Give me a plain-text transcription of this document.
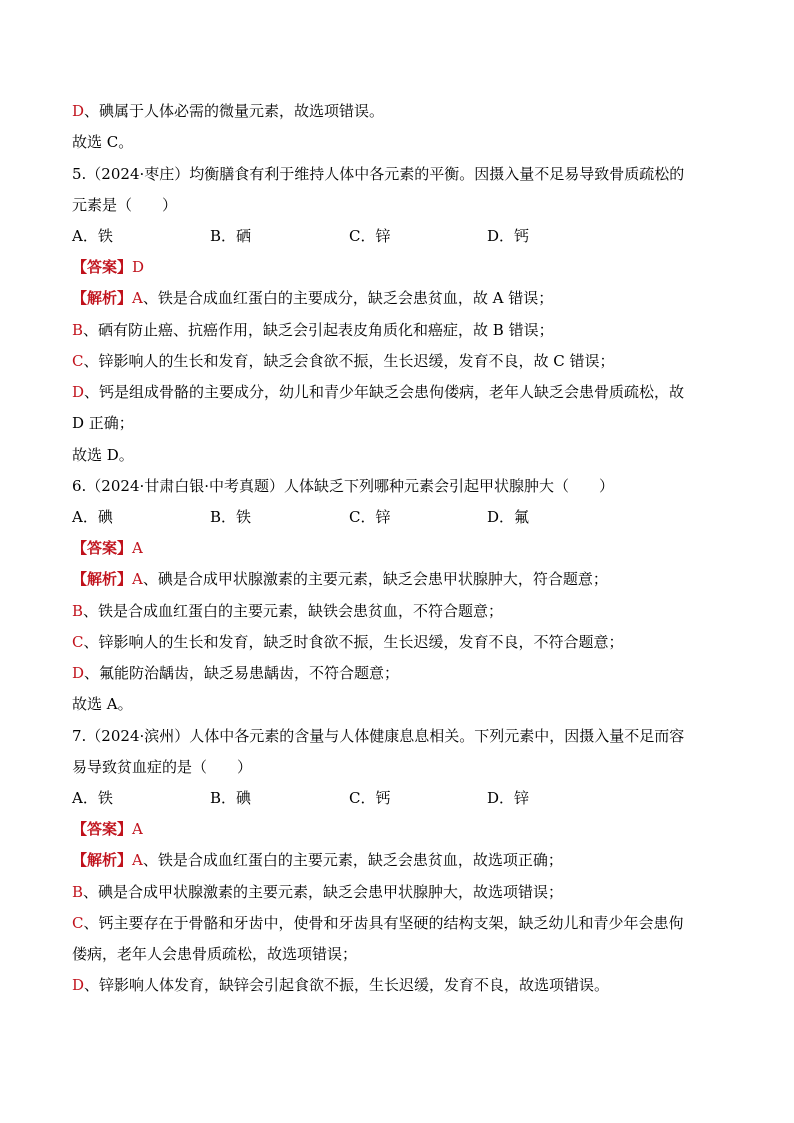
D、碘属于人体必需的微量元素，故选项错误。
故选 C。
5.（2024·枣庄）均衡膳食有利于维持人体中各元素的平衡。因摄入量不足易导致骨质疏松的
元素是（　　）
A．铁	B．硒	C．锌	D．钙
【答案】D
【解析】A、铁是合成血红蛋白的主要成分，缺乏会患贫血，故 A 错误；
B、硒有防止癌、抗癌作用，缺乏会引起表皮角质化和癌症，故 B 错误；
C、锌影响人的生长和发育，缺乏会食欲不振，生长迟缓，发育不良，故 C 错误；
D、钙是组成骨骼的主要成分，幼儿和青少年缺乏会患佝偻病，老年人缺乏会患骨质疏松，故
D 正确；
故选 D。
6.（2024·甘肃白银·中考真题）人体缺乏下列哪种元素会引起甲状腺肿大（　　）
A．碘	B．铁	C．锌	D．氟
【答案】A
【解析】A、碘是合成甲状腺激素的主要元素，缺乏会患甲状腺肿大，符合题意；
B、铁是合成血红蛋白的主要元素，缺铁会患贫血，不符合题意；
C、锌影响人的生长和发育，缺乏时食欲不振，生长迟缓，发育不良，不符合题意；
D、氟能防治龋齿，缺乏易患龋齿，不符合题意；
故选 A。
7.（2024·滨州）人体中各元素的含量与人体健康息息相关。下列元素中，因摄入量不足而容
易导致贫血症的是（　　）
A．铁	B．碘	C．钙	D．锌
【答案】A
【解析】A、铁是合成血红蛋白的主要元素，缺乏会患贫血，故选项正确；
B、碘是合成甲状腺激素的主要元素，缺乏会患甲状腺肿大，故选项错误；
C、钙主要存在于骨骼和牙齿中，使骨和牙齿具有坚硬的结构支架，缺乏幼儿和青少年会患佝
偻病，老年人会患骨质疏松，故选项错误；
D、锌影响人体发育，缺锌会引起食欲不振，生长迟缓，发育不良，故选项错误。
